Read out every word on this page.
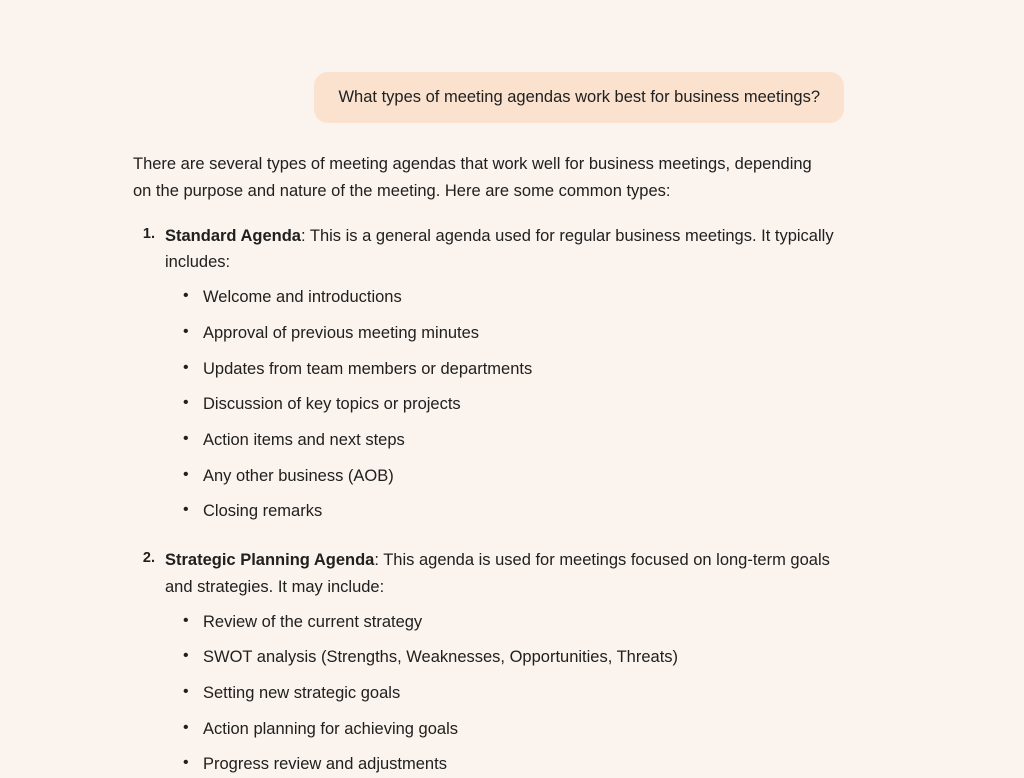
What types of meeting agendas work best for business meetings?

There are several types of meeting agendas that work well for business meetings, depending on the purpose and nature of the meeting. Here are some common types:

1. Standard Agenda: This is a general agenda used for regular business meetings. It typically includes:

• Welcome and introductions
• Approval of previous meeting minutes
• Updates from team members or departments
• Discussion of key topics or projects
• Action items and next steps
• Any other business (AOB)
• Closing remarks
2. Strategic Planning Agenda: This agenda is used for meetings focused on long-term goals and strategies. It may include:

• Review of the current strategy
• SWOT analysis (Strengths, Weaknesses, Opportunities, Threats)
• Setting new strategic goals
• Action planning for achieving goals
• Progress review and adjustments
